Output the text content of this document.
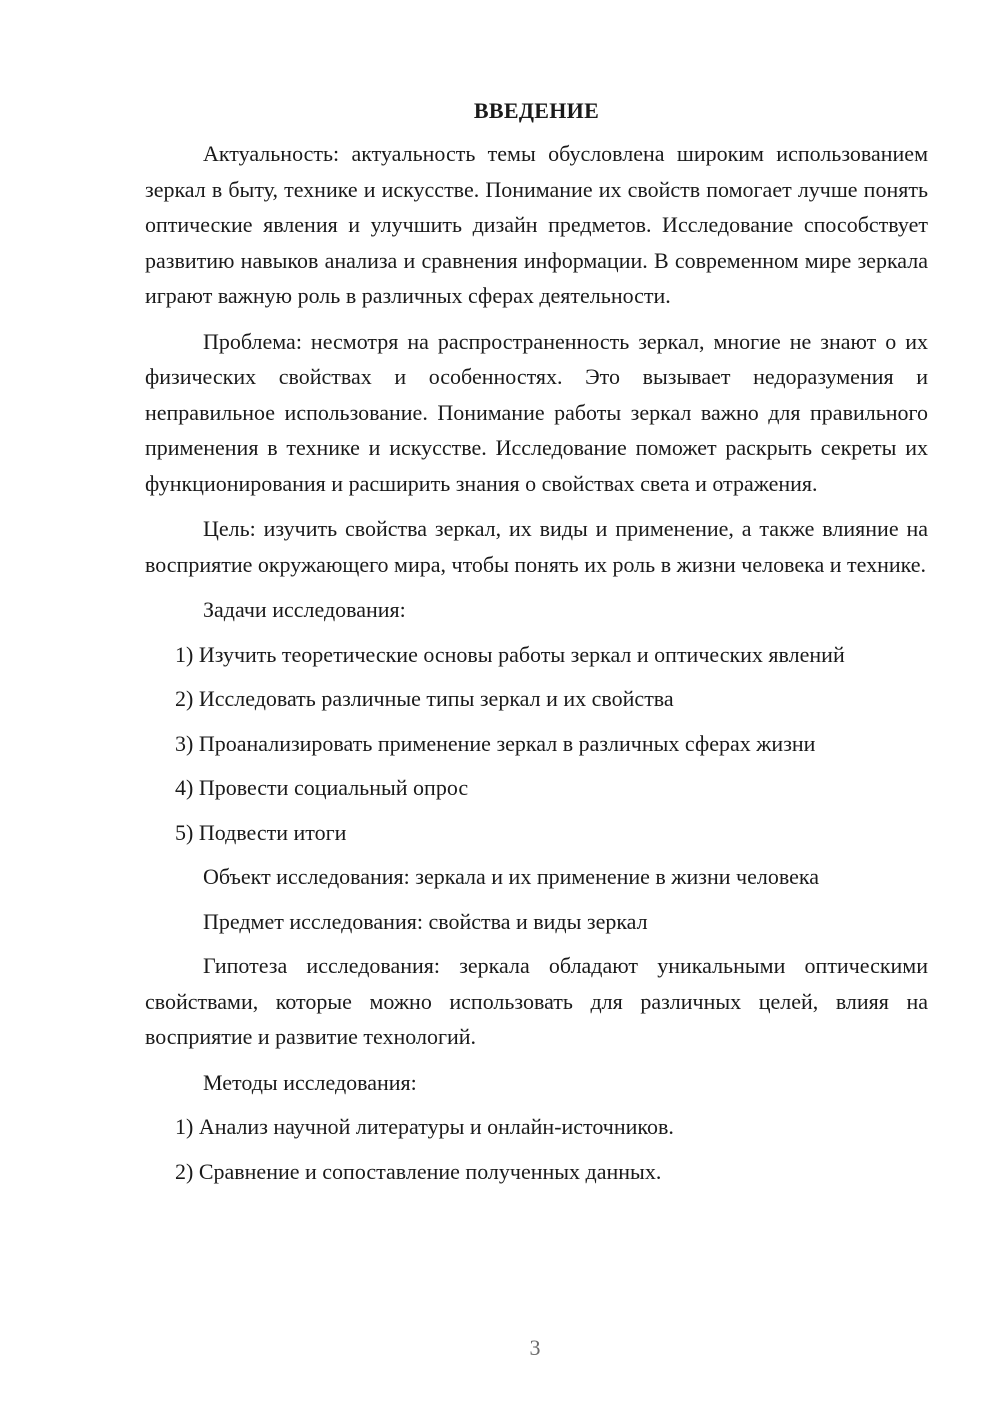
ВВЕДЕНИЕ

Актуальность: актуальность темы обусловлена широким использованием зеркал в быту, технике и искусстве. Понимание их свойств помогает лучше понять оптические явления и улучшить дизайн предметов. Исследование способствует развитию навыков анализа и сравнения информации. В современном мире зеркала играют важную роль в различных сферах деятельности.

Проблема: несмотря на распространенность зеркал, многие не знают о их физических свойствах и особенностях. Это вызывает недоразумения и неправильное использование. Понимание работы зеркал важно для правильного применения в технике и искусстве. Исследование поможет раскрыть секреты их функционирования и расширить знания о свойствах света и отражения.

Цель: изучить свойства зеркал, их виды и применение, а также влияние на восприятие окружающего мира, чтобы понять их роль в жизни человека и технике.

Задачи исследования:

1) Изучить теоретические основы работы зеркал и оптических явлений

2) Исследовать различные типы зеркал и их свойства

3) Проанализировать применение зеркал в различных сферах жизни

4) Провести социальный опрос

5) Подвести итоги

Объект исследования: зеркала и их применение в жизни человека

Предмет исследования: свойства и виды зеркал

Гипотеза исследования: зеркала обладают уникальными оптическими свойствами, которые можно использовать для различных целей, влияя на восприятие и развитие технологий.

Методы исследования:

1) Анализ научной литературы и онлайн-источников.

2) Сравнение и сопоставление полученных данных.

3
